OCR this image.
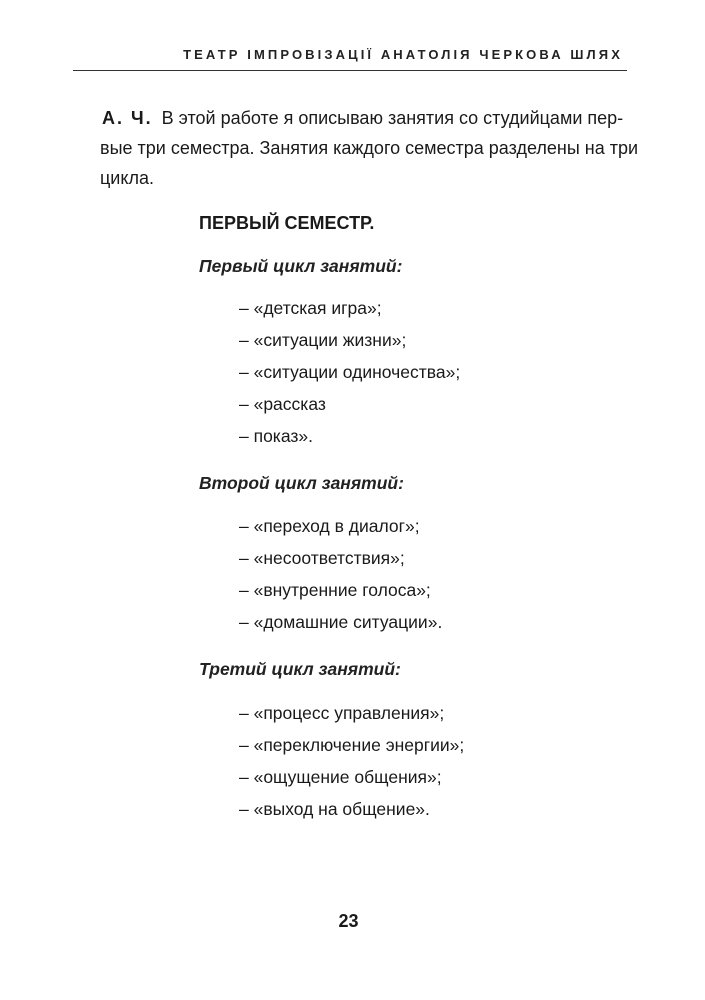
ТЕАТР ІМПРОВІЗАЦІЇ АНАТОЛІЯ ЧЕРКОВА ШЛЯХ

А. Ч. В этой работе я описываю занятия со студийцами пер-
вые три семестра. Занятия каждого семестра разделены на три
цикла.

ПЕРВЫЙ СЕМЕСТР.
Первый цикл занятий:
– «детская игра»;
– «ситуации жизни»;
– «ситуации одиночества»;
– «рассказ
– показ».
Второй цикл занятий:
– «переход в диалог»;
– «несоответствия»;
– «внутренние голоса»;
– «домашние ситуации».
Третий цикл занятий:
– «процесс управления»;
– «переключение энергии»;
– «ощущение общения»;
– «выход на общение».

23
